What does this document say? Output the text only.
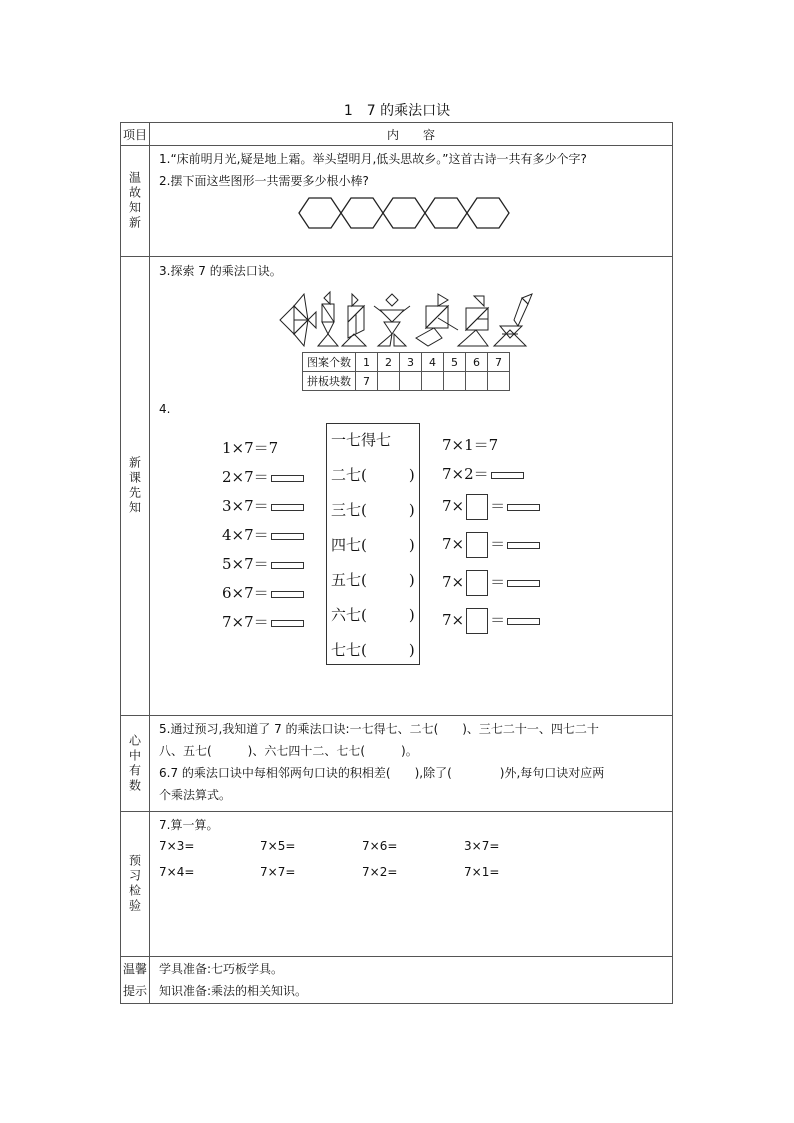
1　7 的乘法口诀
项目	内　　容

温故知新

1.“床前明月光,疑是地上霜。举头望明月,低头思故乡。”这首古诗一共有多少个字?
2.摆下面这些图形一共需要多少根小棒?

新课先知

3.探索 7 的乘法口诀。
图案个数	1	2	3	4	5	6	7
拼板块数	7						
4.
1×7＝7
2×7＝
3×7＝
4×7＝
5×7＝
6×7＝
7×7＝
一七得七
二七(	)
三七(	)
四七(	)
五七(	)
六七(	)
七七(	)
7×1＝7
7×2＝
7× ＝
7× ＝
7× ＝
7× ＝

心中有数

5.通过预习,我知道了 7 的乘法口诀:一七得七、二七(　　)、三七二十一、四七二十
八、五七(　　　)、六七四十二、七七(　　　)。
6.7 的乘法口诀中每相邻两句口诀的积相差(　　),除了(　　　　)外,每句口诀对应两
个乘法算式。

预习检验

7.算一算。
7×3=	7×5=	7×6=	3×7=
7×4=	7×7=	7×2=	7×1=

温馨
提示

学具准备:七巧板学具。
知识准备:乘法的相关知识。
